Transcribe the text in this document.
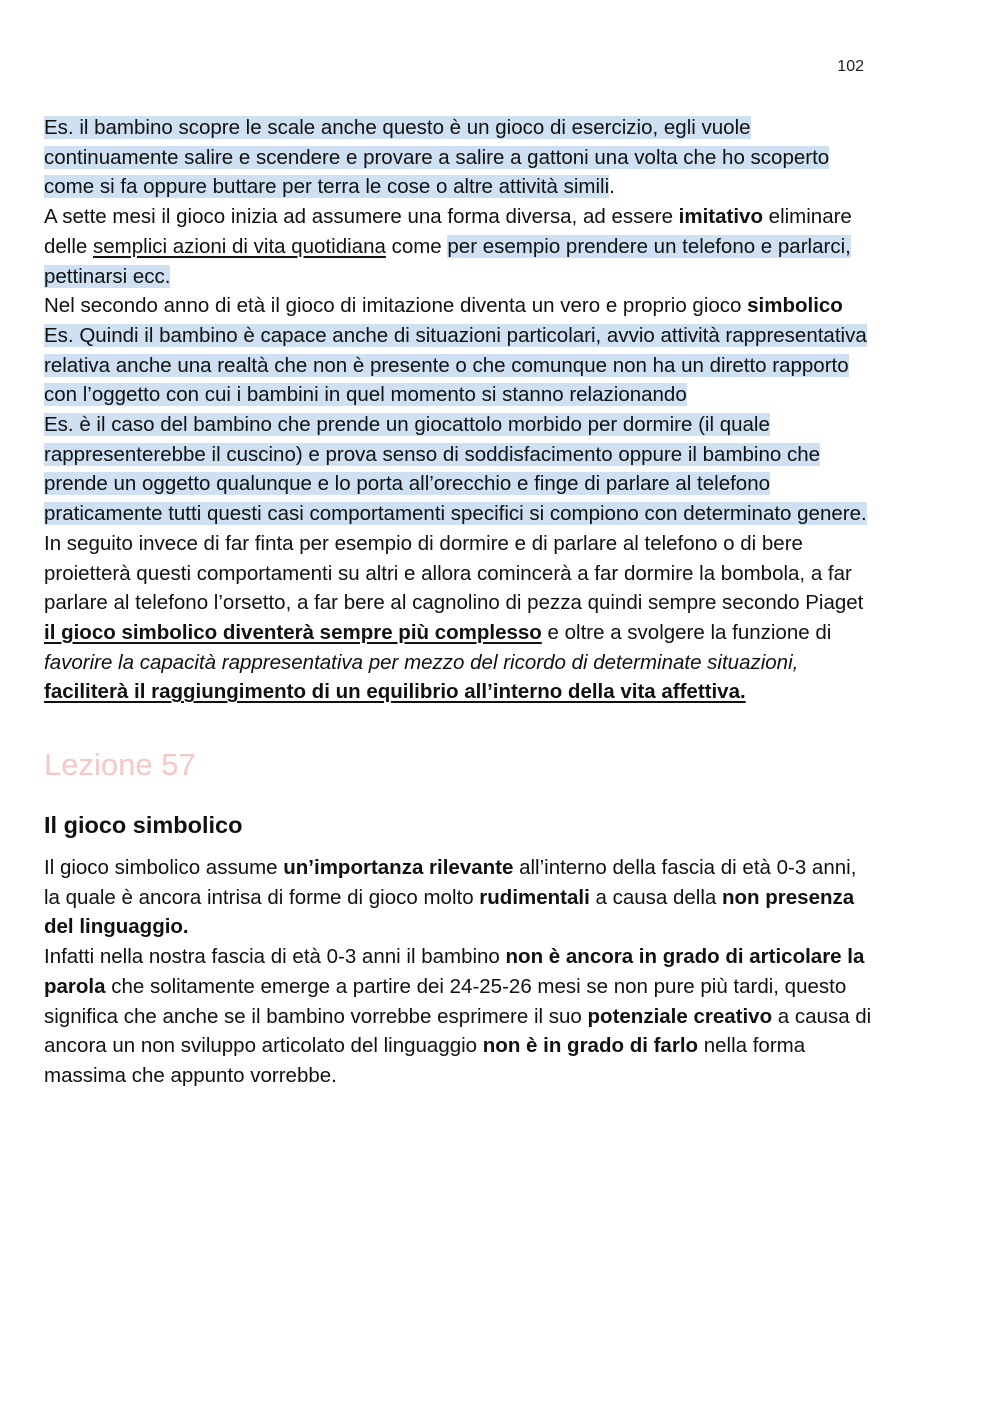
102

Es. il bambino scopre le scale anche questo è un gioco di esercizio, egli vuole continuamente salire e scendere e provare a salire a gattoni una volta che ho scoperto come si fa oppure buttare per terra le cose o altre attività simili.

A sette mesi il gioco inizia ad assumere una forma diversa, ad essere imitativo eliminare delle semplici azioni di vita quotidiana come per esempio prendere un telefono e parlarci, pettinarsi ecc.

Nel secondo anno di età il gioco di imitazione diventa un vero e proprio gioco simbolico

Es. Quindi il bambino è capace anche di situazioni particolari, avvio attività rappresentativa relativa anche una realtà che non è presente o che comunque non ha un diretto rapporto con l’oggetto con cui i bambini in quel momento si stanno relazionando

Es. è il caso del bambino che prende un giocattolo morbido per dormire (il quale rappresenterebbe il cuscino) e prova senso di soddisfacimento oppure il bambino che prende un oggetto qualunque e lo porta all’orecchio e finge di parlare al telefono praticamente tutti questi casi comportamenti specifici si compiono con determinato genere.

In seguito invece di far finta per esempio di dormire e di parlare al telefono o di bere proietterà questi comportamenti su altri e allora comincerà a far dormire la bombola, a far parlare al telefono l’orsetto, a far bere al cagnolino di pezza quindi sempre secondo Piaget il gioco simbolico diventerà sempre più complesso e oltre a svolgere la funzione di favorire la capacità rappresentativa per mezzo del ricordo di determinate situazioni, faciliterà il raggiungimento di un equilibrio all’interno della vita affettiva.

Lezione 57
Il gioco simbolico

Il gioco simbolico assume un’importanza rilevante all’interno della fascia di età 0-3 anni, la quale è ancora intrisa di forme di gioco molto rudimentali a causa della non presenza del linguaggio.

Infatti nella nostra fascia di età 0-3 anni il bambino non è ancora in grado di articolare la parola che solitamente emerge a partire dei 24-25-26 mesi se non pure più tardi, questo significa che anche se il bambino vorrebbe esprimere il suo potenziale creativo a causa di ancora un non sviluppo articolato del linguaggio non è in grado di farlo nella forma massima che appunto vorrebbe.
